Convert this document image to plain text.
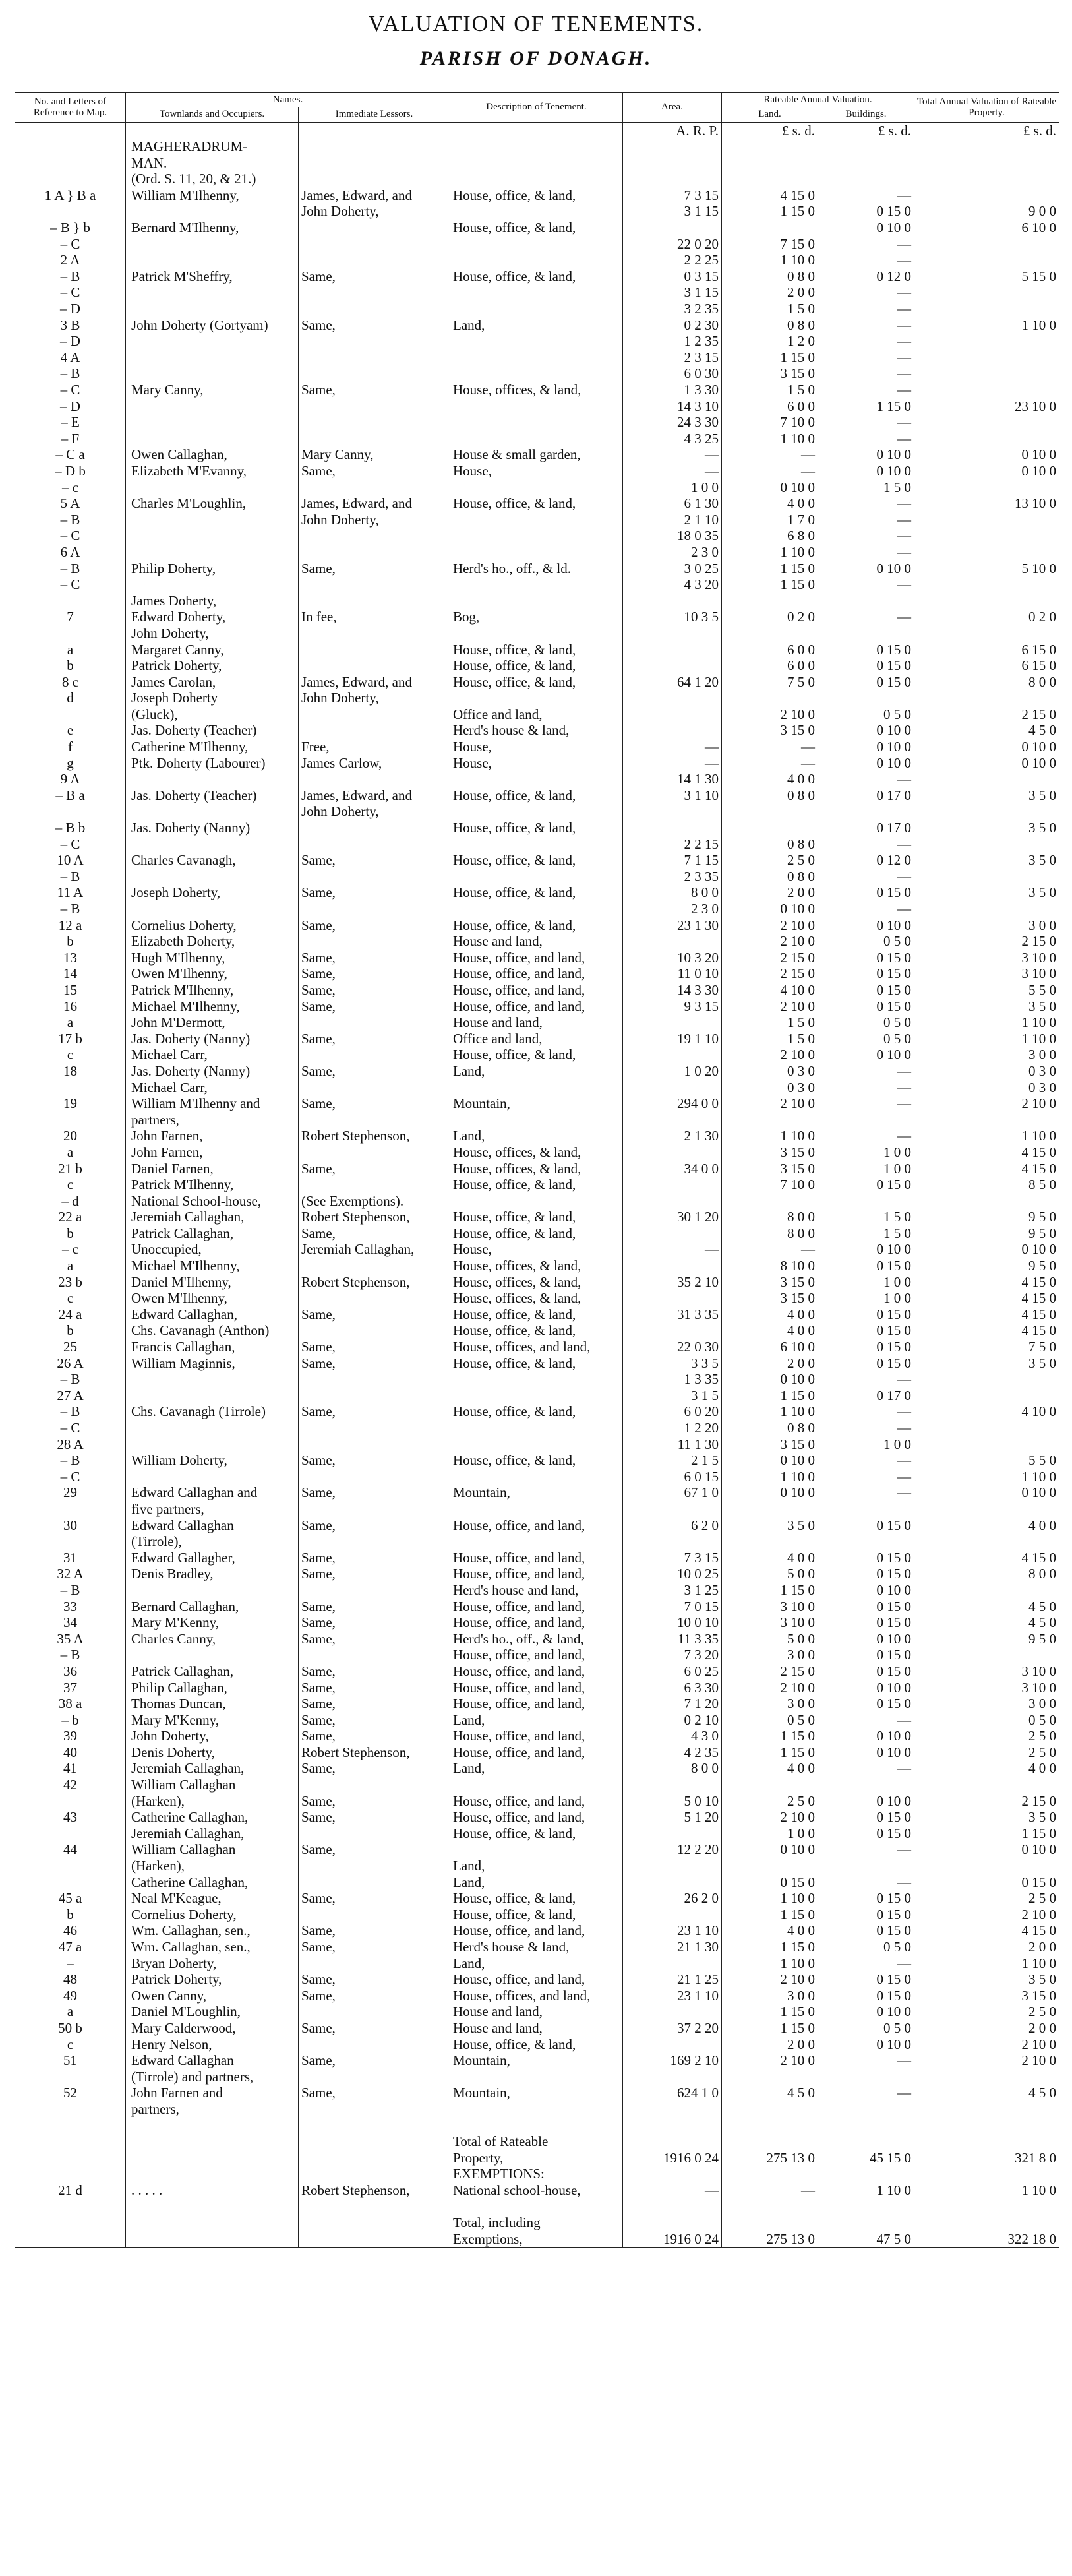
VALUATION OF TENEMENTS.
PARISH OF DONAGH.
No. and Letters of Reference to Map.	Names.		Description of Tenement.	Area.	Rateable Annual Valuation.		Total Annual Valuation of Rateable Property.
	Townlands and Occupiers.	Immediate Lessors.			Land.	Buildings.	
				A. R. P.	£ s. d.	£ s. d.	£ s. d.
	MAGHERADRUM-						
	MAN.						
	(Ord. S. 11, 20, & 21.)						
1 A } B a	William M'Ilhenny,	James, Edward, and	House, office, & land,	7 3 15	4 15 0	—	
		John Doherty,		3 1 15	1 15 0	0 15 0	9 0 0
– B } b	Bernard M'Ilhenny,		House, office, & land,			0 10 0	6 10 0
– C				22 0 20	7 15 0	—	
2 A				2 2 25	1 10 0	—	
– B	Patrick M'Sheffry,	Same,	House, office, & land,	0 3 15	0 8 0	0 12 0	5 15 0
– C				3 1 15	2 0 0	—	
– D				3 2 35	1 5 0	—	
3 B	John Doherty (Gortyam)	Same,	Land,	0 2 30	0 8 0	—	1 10 0
– D				1 2 35	1 2 0	—	
4 A				2 3 15	1 15 0	—	
– B				6 0 30	3 15 0	—	
– C	Mary Canny,	Same,	House, offices, & land,	1 3 30	1 5 0	—	
– D				14 3 10	6 0 0	1 15 0	23 10 0
– E				24 3 30	7 10 0	—	
– F				4 3 25	1 10 0	—	
– C a	Owen Callaghan,	Mary Canny,	House & small garden,	—	—	0 10 0	0 10 0
– D b	Elizabeth M'Evanny,	Same,	House,	—	—	0 10 0	0 10 0
– c				1 0 0	0 10 0	1 5 0	
5 A	Charles M'Loughlin,	James, Edward, and	House, office, & land,	6 1 30	4 0 0	—	13 10 0
– B		John Doherty,		2 1 10	1 7 0	—	
– C				18 0 35	6 8 0	—	
6 A				2 3 0	1 10 0	—	
– B	Philip Doherty,	Same,	Herd's ho., off., & ld.	3 0 25	1 15 0	0 10 0	5 10 0
– C				4 3 20	1 15 0	—	
	James Doherty,						
7	Edward Doherty,	In fee,	Bog,	10 3 5	0 2 0	—	0 2 0
	John Doherty,						
a	Margaret Canny,		House, office, & land,		6 0 0	0 15 0	6 15 0
b	Patrick Doherty,		House, office, & land,		6 0 0	0 15 0	6 15 0
8 c	James Carolan,	James, Edward, and	House, office, & land,	64 1 20	7 5 0	0 15 0	8 0 0
d	Joseph Doherty	John Doherty,					
	(Gluck),		Office and land,		2 10 0	0 5 0	2 15 0
e	Jas. Doherty (Teacher)		Herd's house & land,		3 15 0	0 10 0	4 5 0
f	Catherine M'Ilhenny,	Free,	House,	—	—	0 10 0	0 10 0
g	Ptk. Doherty (Labourer)	James Carlow,	House,	—	—	0 10 0	0 10 0
9 A				14 1 30	4 0 0	—	
– B a	Jas. Doherty (Teacher)	James, Edward, and	House, office, & land,	3 1 10	0 8 0	0 17 0	3 5 0
		John Doherty,					
– B b	Jas. Doherty (Nanny)		House, office, & land,			0 17 0	3 5 0
– C				2 2 15	0 8 0	—	
10 A	Charles Cavanagh,	Same,	House, office, & land,	7 1 15	2 5 0	0 12 0	3 5 0
– B				2 3 35	0 8 0	—	
11 A	Joseph Doherty,	Same,	House, office, & land,	8 0 0	2 0 0	0 15 0	3 5 0
– B				2 3 0	0 10 0	—	
12 a	Cornelius Doherty,	Same,	House, office, & land,	23 1 30	2 10 0	0 10 0	3 0 0
b	Elizabeth Doherty,		House and land,		2 10 0	0 5 0	2 15 0
13	Hugh M'Ilhenny,	Same,	House, office, and land,	10 3 20	2 15 0	0 15 0	3 10 0
14	Owen M'Ilhenny,	Same,	House, office, and land,	11 0 10	2 15 0	0 15 0	3 10 0
15	Patrick M'Ilhenny,	Same,	House, office, and land,	14 3 30	4 10 0	0 15 0	5 5 0
16	Michael M'Ilhenny,	Same,	House, office, and land,	9 3 15	2 10 0	0 15 0	3 5 0
a	John M'Dermott,		House and land,		1 5 0	0 5 0	1 10 0
17 b	Jas. Doherty (Nanny)	Same,	Office and land,	19 1 10	1 5 0	0 5 0	1 10 0
c	Michael Carr,		House, office, & land,		2 10 0	0 10 0	3 0 0
18	Jas. Doherty (Nanny)	Same,	Land,	1 0 20	0 3 0	—	0 3 0
	Michael Carr,				0 3 0	—	0 3 0
19	William M'Ilhenny and	Same,	Mountain,	294 0 0	2 10 0	—	2 10 0
	partners,						
20	John Farnen,	Robert Stephenson,	Land,	2 1 30	1 10 0	—	1 10 0
a	John Farnen,		House, offices, & land,		3 15 0	1 0 0	4 15 0
21 b	Daniel Farnen,	Same,	House, offices, & land,	34 0 0	3 15 0	1 0 0	4 15 0
c	Patrick M'Ilhenny,		House, office, & land,		7 10 0	0 15 0	8 5 0
– d	National School-house,	(See Exemptions).					
22 a	Jeremiah Callaghan,	Robert Stephenson,	House, office, & land,	30 1 20	8 0 0	1 5 0	9 5 0
b	Patrick Callaghan,	Same,	House, office, & land,		8 0 0	1 5 0	9 5 0
– c	Unoccupied,	Jeremiah Callaghan,	House,	—	—	0 10 0	0 10 0
a	Michael M'Ilhenny,		House, offices, & land,		8 10 0	0 15 0	9 5 0
23 b	Daniel M'Ilhenny,	Robert Stephenson,	House, offices, & land,	35 2 10	3 15 0	1 0 0	4 15 0
c	Owen M'Ilhenny,		House, offices, & land,		3 15 0	1 0 0	4 15 0
24 a	Edward Callaghan,	Same,	House, office, & land,	31 3 35	4 0 0	0 15 0	4 15 0
b	Chs. Cavanagh (Anthon)		House, office, & land,		4 0 0	0 15 0	4 15 0
25	Francis Callaghan,	Same,	House, offices, and land,	22 0 30	6 10 0	0 15 0	7 5 0
26 A	William Maginnis,	Same,	House, office, & land,	3 3 5	2 0 0	0 15 0	3 5 0
– B				1 3 35	0 10 0	—	
27 A				3 1 5	1 15 0	0 17 0	
– B	Chs. Cavanagh (Tirrole)	Same,	House, office, & land,	6 0 20	1 10 0	—	4 10 0
– C				1 2 20	0 8 0	—	
28 A				11 1 30	3 15 0	1 0 0	
– B	William Doherty,	Same,	House, office, & land,	2 1 5	0 10 0	—	5 5 0
– C				6 0 15	1 10 0	—	1 10 0
29	Edward Callaghan and	Same,	Mountain,	67 1 0	0 10 0	—	0 10 0
	five partners,						
30	Edward Callaghan	Same,	House, office, and land,	6 2 0	3 5 0	0 15 0	4 0 0
	(Tirrole),						
31	Edward Gallagher,	Same,	House, office, and land,	7 3 15	4 0 0	0 15 0	4 15 0
32 A	Denis Bradley,	Same,	House, office, and land,	10 0 25	5 0 0	0 15 0	8 0 0
– B			Herd's house and land,	3 1 25	1 15 0	0 10 0	
33	Bernard Callaghan,	Same,	House, office, and land,	7 0 15	3 10 0	0 15 0	4 5 0
34	Mary M'Kenny,	Same,	House, office, and land,	10 0 10	3 10 0	0 15 0	4 5 0
35 A	Charles Canny,	Same,	Herd's ho., off., & land,	11 3 35	5 0 0	0 10 0	9 5 0
– B			House, office, and land,	7 3 20	3 0 0	0 15 0	
36	Patrick Callaghan,	Same,	House, office, and land,	6 0 25	2 15 0	0 15 0	3 10 0
37	Philip Callaghan,	Same,	House, office, and land,	6 3 30	2 10 0	0 10 0	3 10 0
38 a	Thomas Duncan,	Same,	House, office, and land,	7 1 20	3 0 0	0 15 0	3 0 0
– b	Mary M'Kenny,	Same,	Land,	0 2 10	0 5 0	—	0 5 0
39	John Doherty,	Same,	House, office, and land,	4 3 0	1 15 0	0 10 0	2 5 0
40	Denis Doherty,	Robert Stephenson,	House, office, and land,	4 2 35	1 15 0	0 10 0	2 5 0
41	Jeremiah Callaghan,	Same,	Land,	8 0 0	4 0 0	—	4 0 0
42	William Callaghan						
	(Harken),	Same,	House, office, and land,	5 0 10	2 5 0	0 10 0	2 15 0
43	Catherine Callaghan,	Same,	House, office, and land,	5 1 20	2 10 0	0 15 0	3 5 0
	Jeremiah Callaghan,		House, office, & land,		1 0 0	0 15 0	1 15 0
44	William Callaghan	Same,		12 2 20	0 10 0	—	0 10 0
	(Harken),		Land,				
	Catherine Callaghan,		Land,		0 15 0	—	0 15 0
45 a	Neal M'Keague,	Same,	House, office, & land,	26 2 0	1 10 0	0 15 0	2 5 0
b	Cornelius Doherty,		House, office, & land,		1 15 0	0 15 0	2 10 0
46	Wm. Callaghan, sen.,	Same,	House, office, and land,	23 1 10	4 0 0	0 15 0	4 15 0
47 a	Wm. Callaghan, sen.,	Same,	Herd's house & land,	21 1 30	1 15 0	0 5 0	2 0 0
–	Bryan Doherty,		Land,		1 10 0	—	1 10 0
48	Patrick Doherty,	Same,	House, office, and land,	21 1 25	2 10 0	0 15 0	3 5 0
49	Owen Canny,	Same,	House, offices, and land,	23 1 10	3 0 0	0 15 0	3 15 0
a	Daniel M'Loughlin,		House and land,		1 15 0	0 10 0	2 5 0
50 b	Mary Calderwood,	Same,	House and land,	37 2 20	1 15 0	0 5 0	2 0 0
c	Henry Nelson,		House, office, & land,		2 0 0	0 10 0	2 10 0
51	Edward Callaghan	Same,	Mountain,	169 2 10	2 10 0	—	2 10 0
	(Tirrole) and partners,						
52	John Farnen and	Same,	Mountain,	624 1 0	4 5 0	—	4 5 0
	partners,						

			Total of Rateable				
			Property,	1916 0 24	275 13 0	45 15 0	321 8 0
			EXEMPTIONS:				
21 d	. . . . .	Robert Stephenson,	National school-house,	—	—	1 10 0	1 10 0

			Total, including				
			Exemptions,	1916 0 24	275 13 0	47 5 0	322 18 0
